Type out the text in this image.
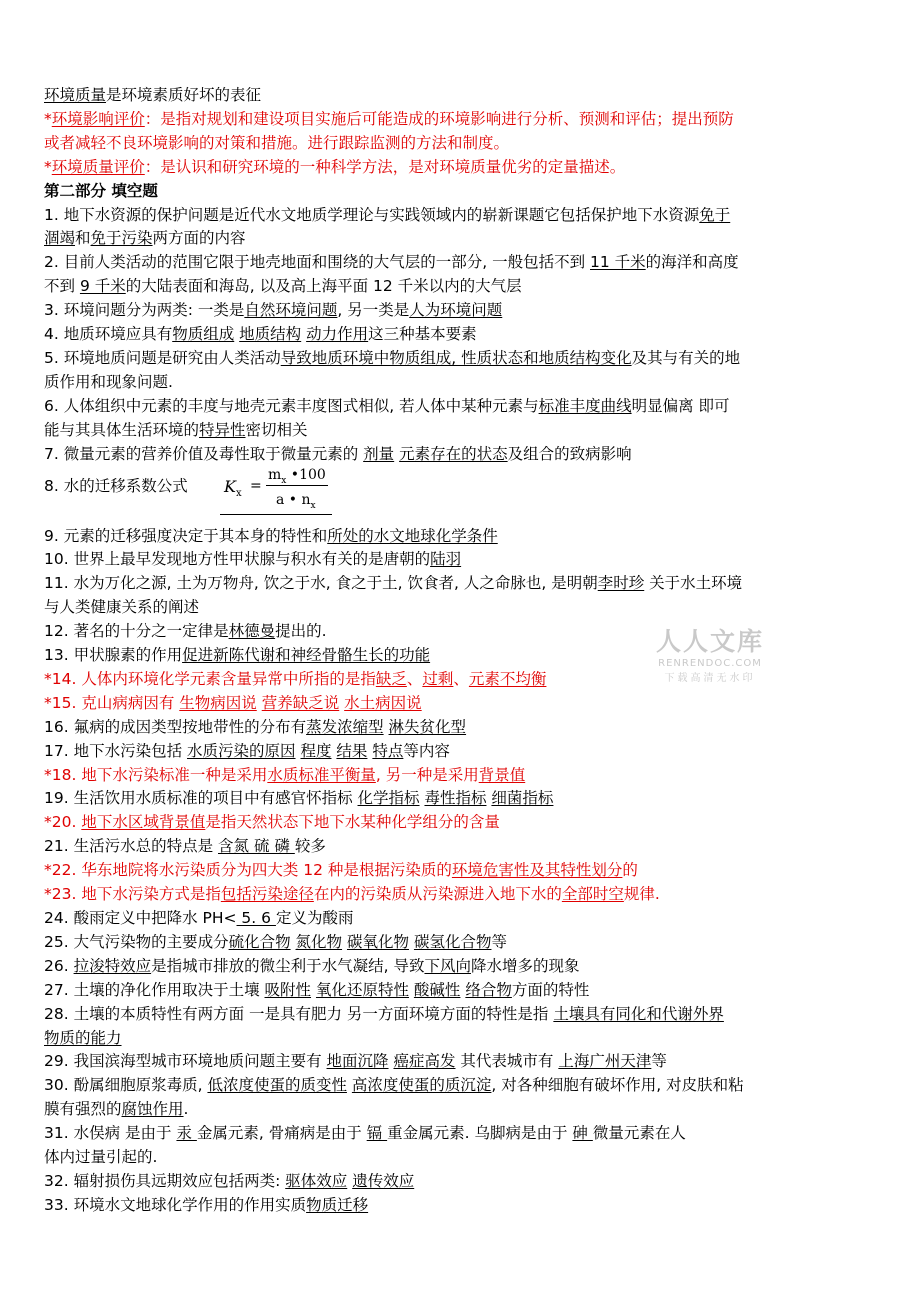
环境质量是环境素质好坏的表征
*环境影响评价：是指对规划和建设项目实施后可能造成的环境影响进行分析、预测和评估；提出预防
或者减轻不良环境影响的对策和措施。进行跟踪监测的方法和制度。
*环境质量评价：是认识和研究环境的一种科学方法，是对环境质量优劣的定量描述。
第二部分 填空题
1. 地下水资源的保护问题是近代水文地质学理论与实践领域内的崭新课题它包括保护地下水资源免于
涸竭和免于污染两方面的内容
2. 目前人类活动的范围它限于地壳地面和围绕的大气层的一部分, 一般包括不到 11 千米的海洋和高度
不到 9 千米的大陆表面和海岛, 以及高上海平面 12 千米以内的大气层
3. 环境问题分为两类: 一类是自然环境问题, 另一类是人为环境问题
4. 地质环境应具有物质组成 地质结构 动力作用这三种基本要素
5. 环境地质问题是研究由人类活动导致地质环境中物质组成, 性质状态和地质结构变化及其与有关的地
质作用和现象问题.
6. 人体组织中元素的丰度与地壳元素丰度图式相似, 若人体中某种元素与标准丰度曲线明显偏离 即可
能与其具体生活环境的特异性密切相关
7. 微量元素的营养价值及毒性取于微量元素的 剂量 元素存在的状态及组合的致病影响
8. 水的迁移系数公式 $K_x$ =
$m_x$ •100
a • $n_x$
9. 元素的迁移强度决定于其本身的特性和所处的水文地球化学条件
10. 世界上最早发现地方性甲状腺与积水有关的是唐朝的陆羽
11. 水为万化之源, 土为万物舟, 饮之于水, 食之于土, 饮食者, 人之命脉也, 是明朝李时珍 关于水土环境
与人类健康关系的阐述
12. 著名的十分之一定律是林德曼提出的.
13. 甲状腺素的作用促进新陈代谢和神经骨骼生长的功能
*14. 人体内环境化学元素含量异常中所指的是指缺乏、过剩、元素不均衡
*15. 克山病病因有 生物病因说 营养缺乏说 水土病因说
16. 氟病的成因类型按地带性的分布有蒸发浓缩型 淋失贫化型
17. 地下水污染包括 水质污染的原因 程度 结果 特点等内容
*18. 地下水污染标准一种是采用水质标准平衡量, 另一种是采用背景值
19. 生活饮用水质标准的项目中有感官怀指标 化学指标 毒性指标 细菌指标
*20. 地下水区域背景值是指天然状态下地下水某种化学组分的含量
21. 生活污水总的特点是 含氮 硫 磷 较多
*22. 华东地院将水污染质分为四大类 12 种是根据污染质的环境危害性及其特性划分的
*23. 地下水污染方式是指包括污染途径在内的污染质从污染源进入地下水的全部时空规律.
24. 酸雨定义中把降水 PH< 5. 6 定义为酸雨
25. 大气污染物的主要成分硫化合物 氮化物 碳氧化物 碳氢化合物等
26. 拉浚特效应是指城市排放的微尘利于水气凝结, 导致下风向降水增多的现象
27. 土壤的净化作用取决于土壤 吸附性 氧化还原特性 酸碱性 络合物方面的特性
28. 土壤的本质特性有两方面 一是具有肥力 另一方面环境方面的特性是指 土壤具有同化和代谢外界
物质的能力
29. 我国滨海型城市环境地质问题主要有 地面沉降 癌症高发 其代表城市有 上海广州天津等
30. 酚属细胞原浆毒质, 低浓度使蛋的质变性 高浓度使蛋的质沉淀, 对各种细胞有破坏作用, 对皮肤和粘
膜有强烈的腐蚀作用.
31. 水俣病 是由于 汞 金属元素, 骨痛病是由于 镉 重金属元素. 乌脚病是由于 砷 微量元素在人
体内过量引起的.
32. 辐射损伤具远期效应包括两类: 驱体效应 遗传效应
33. 环境水文地球化学作用的作用实质物质迁移
人人文库
RENRENDOC.COM
下载高清无水印
